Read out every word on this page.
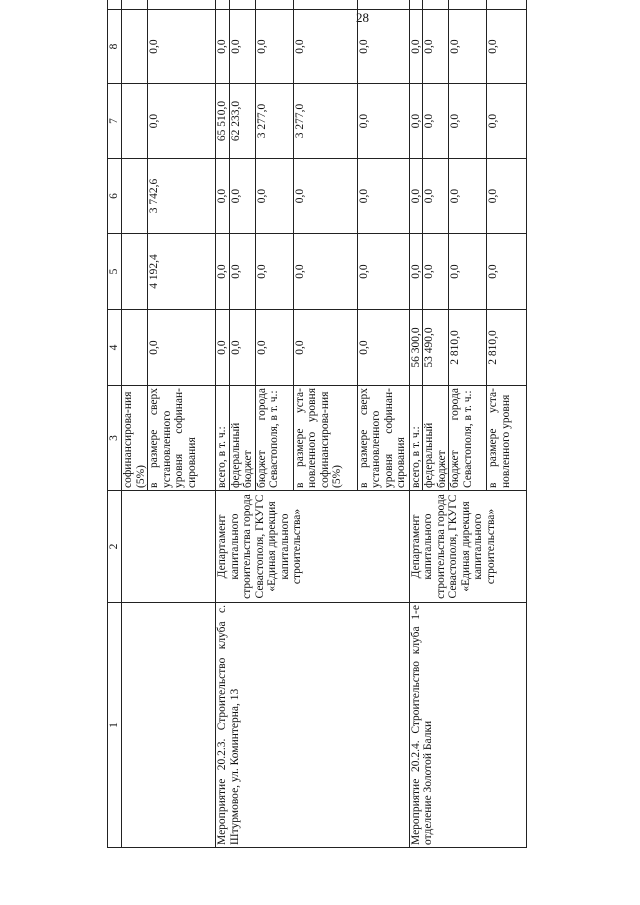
28
1	2	3	4	5	6	7	8	
		софинансирова-ния (5%)						
		в размере сверх установленного уровня софинан-сирования	0,0	4 192,4	3 742,6	0,0	0,0	
Мероприятие 20.2.3. Строительство клуба с. Штурмовое, ул. Коминтерна, 13	Департамент капитального строительства города Севастополя, ГКУГС «Единая дирекция капитального строительства»	всего, в т. ч.:	0,0	0,0	0,0	65 510,0	0,0	
		федеральный бюджет	0,0	0,0	0,0	62 233,0	0,0	
		бюджет города Севастополя, в т. ч.:	0,0	0,0	0,0	3 277,0	0,0	
		в размере уста-новленного уровня софинансирова-ния (5%)	0,0	0,0	0,0	3 277,0	0,0	
		в размере сверх установленного уровня софинан-сирования	0,0	0,0	0,0	0,0	0,0	
Мероприятие 20.2.4. Строительство клуба 1-е отделение Золотой Балки	Департамент капитального строительства города Севастополя, ГКУГС «Единая дирекция капитального строительства»	всего, в т. ч.:	56 300,0	0,0	0,0	0,0	0,0	
		федеральный бюджет	53 490,0	0,0	0,0	0,0	0,0	
		бюджет города Севастополя, в т. ч.:	2 810,0	0,0	0,0	0,0	0,0	
		в размере уста-новленного уровня	2 810,0	0,0	0,0	0,0	0,0	
